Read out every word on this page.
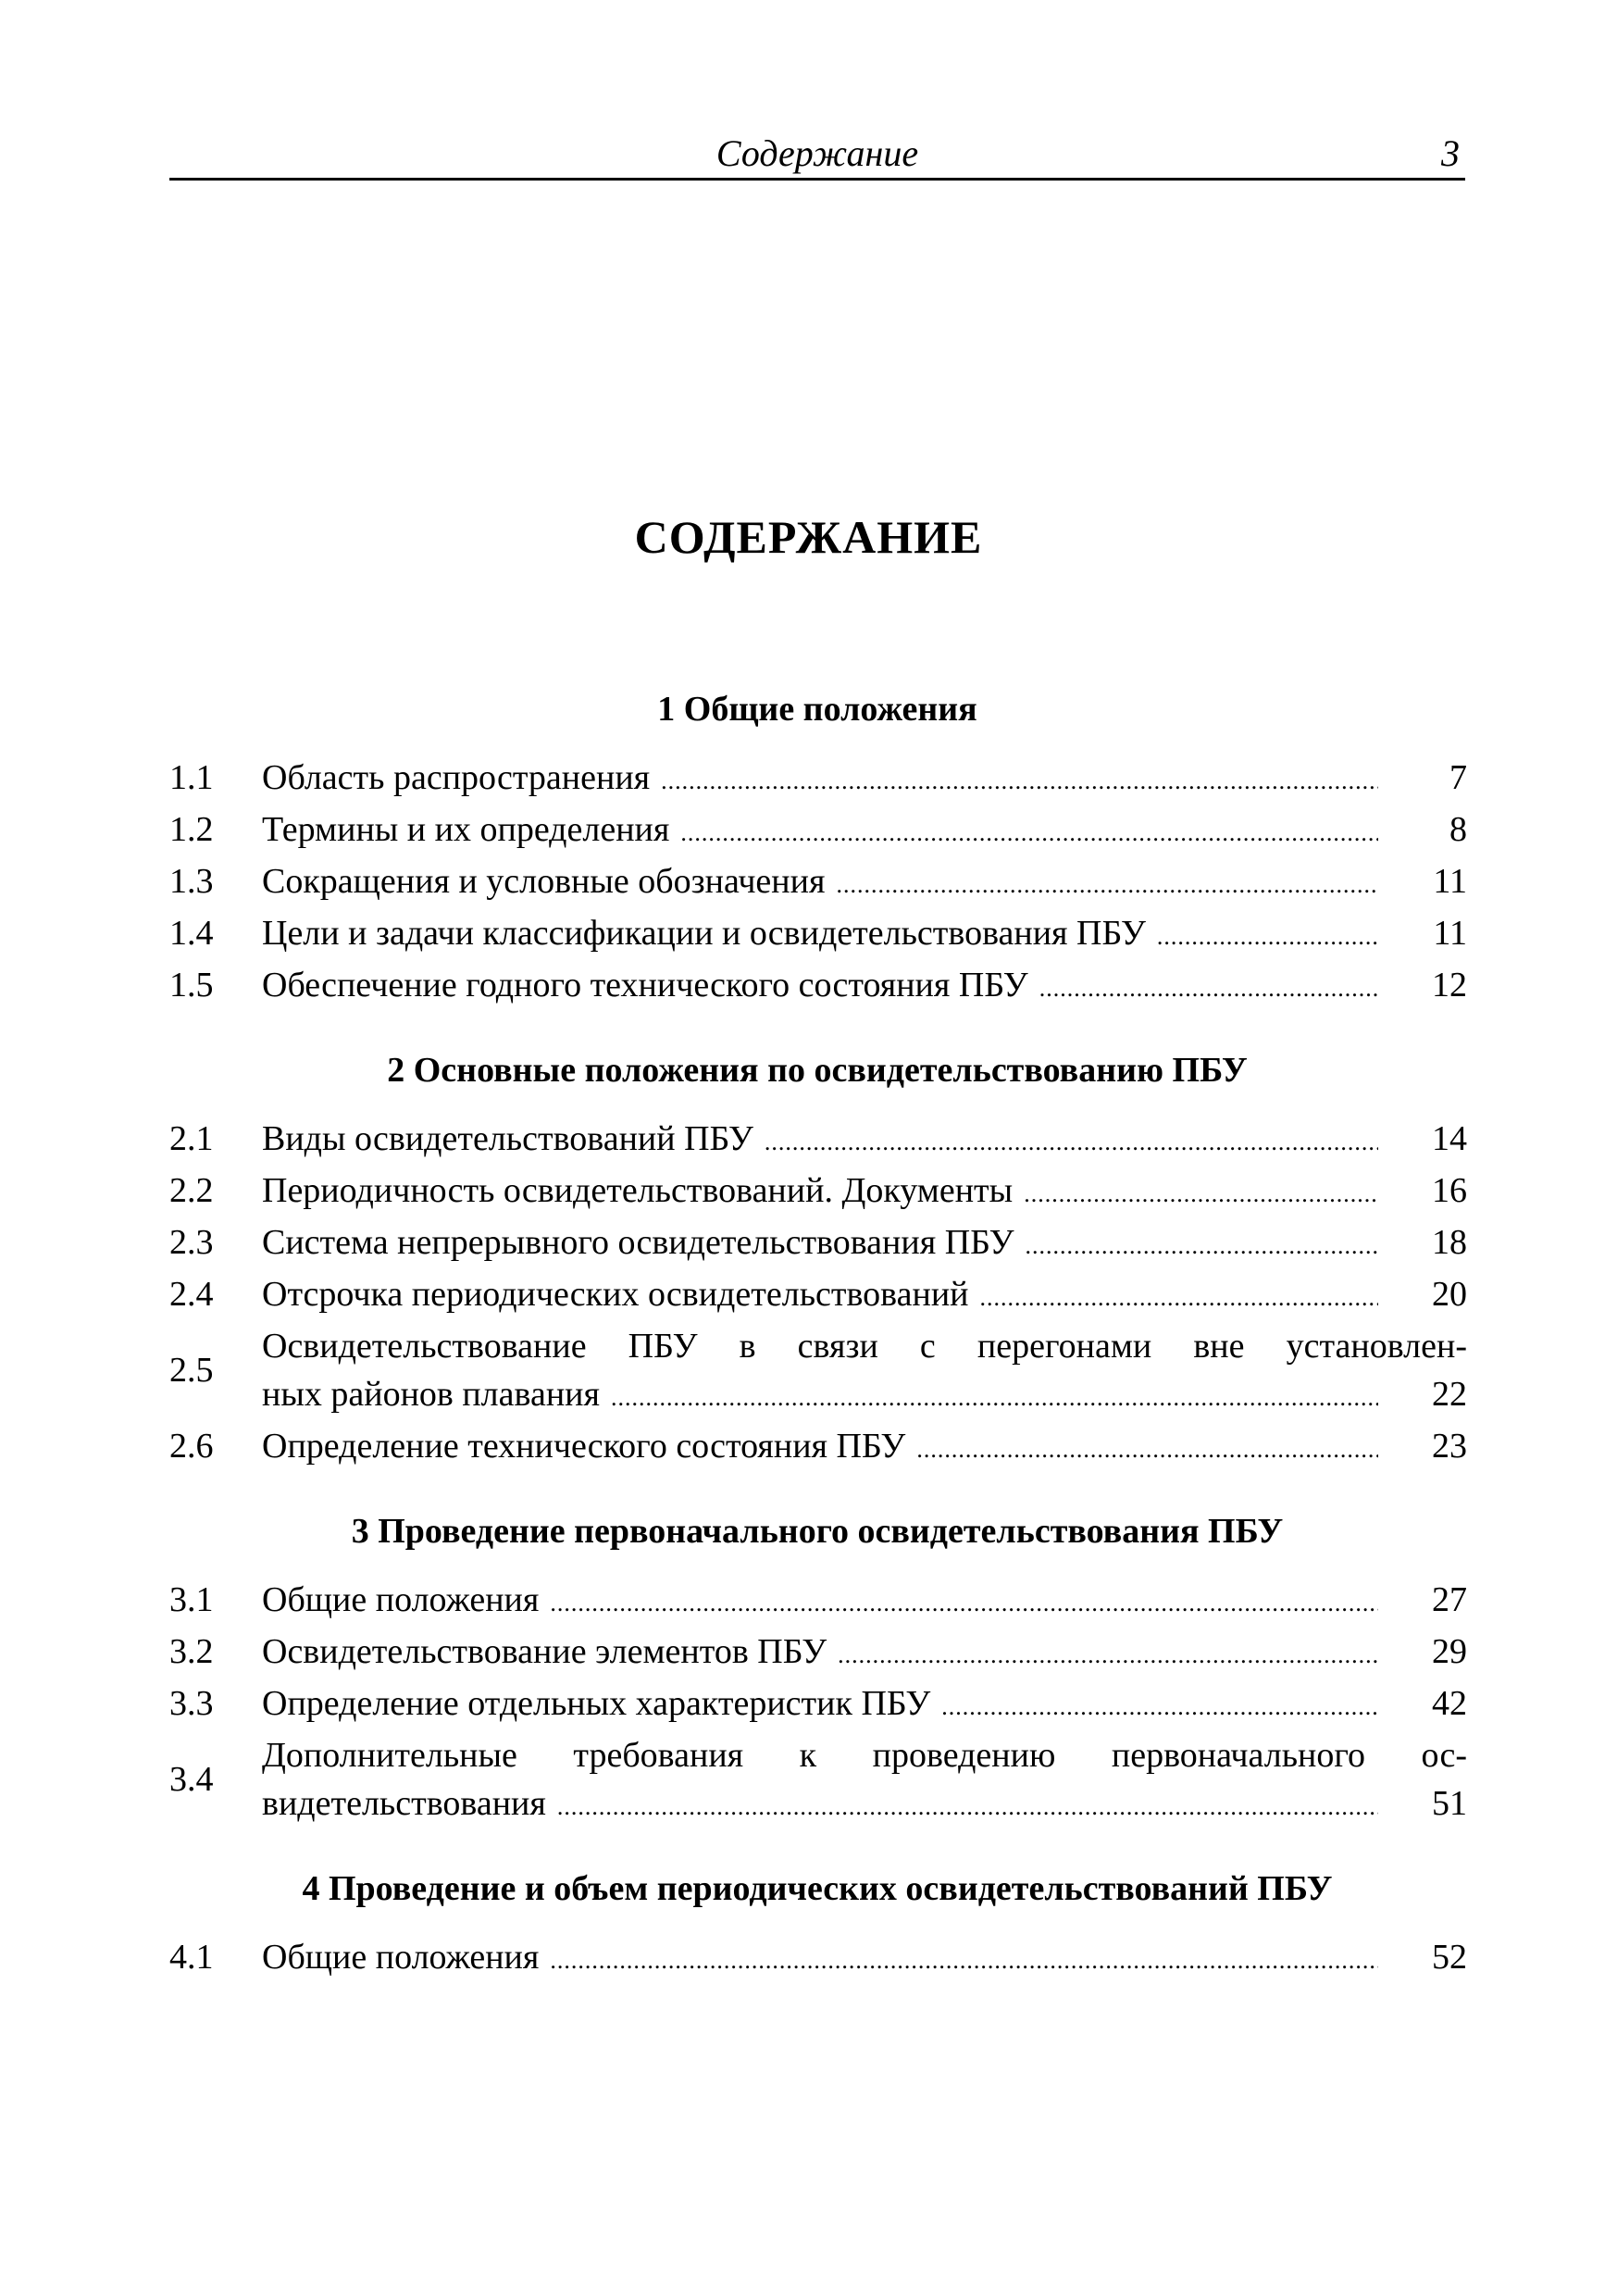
Содержание	3
СОДЕРЖАНИЕ
1 Общие положения
1.1 Область распространения .....	7
1.2 Термины и их определения .....	8
1.3 Сокращения и условные обозначения .....	11
1.4 Цели и задачи классификации и освидетельствования ПБУ .....	11
1.5 Обеспечение годного технического состояния ПБУ .....	12
2 Основные положения по освидетельствованию ПБУ
2.1 Виды освидетельствований ПБУ .....	14
2.2 Периодичность освидетельствований. Документы .....	16
2.3 Система непрерывного освидетельствования ПБУ .....	18
2.4 Отсрочка периодических освидетельствований .....	20
2.5
Освидетельствование ПБУ в связи с перегонами вне установлен-
ных районов плавания .....	22
2.6 Определение технического состояния ПБУ .....	23
3 Проведение первоначального освидетельствования ПБУ
3.1 Общие положения .....	27
3.2 Освидетельствование элементов ПБУ .....	29
3.3 Определение отдельных характеристик ПБУ .....	42
3.4
Дополнительные требования к проведению первоначального ос-
видетельствования .....	51
4 Проведение и объем периодических освидетельствований ПБУ
4.1 Общие положения .....	52
